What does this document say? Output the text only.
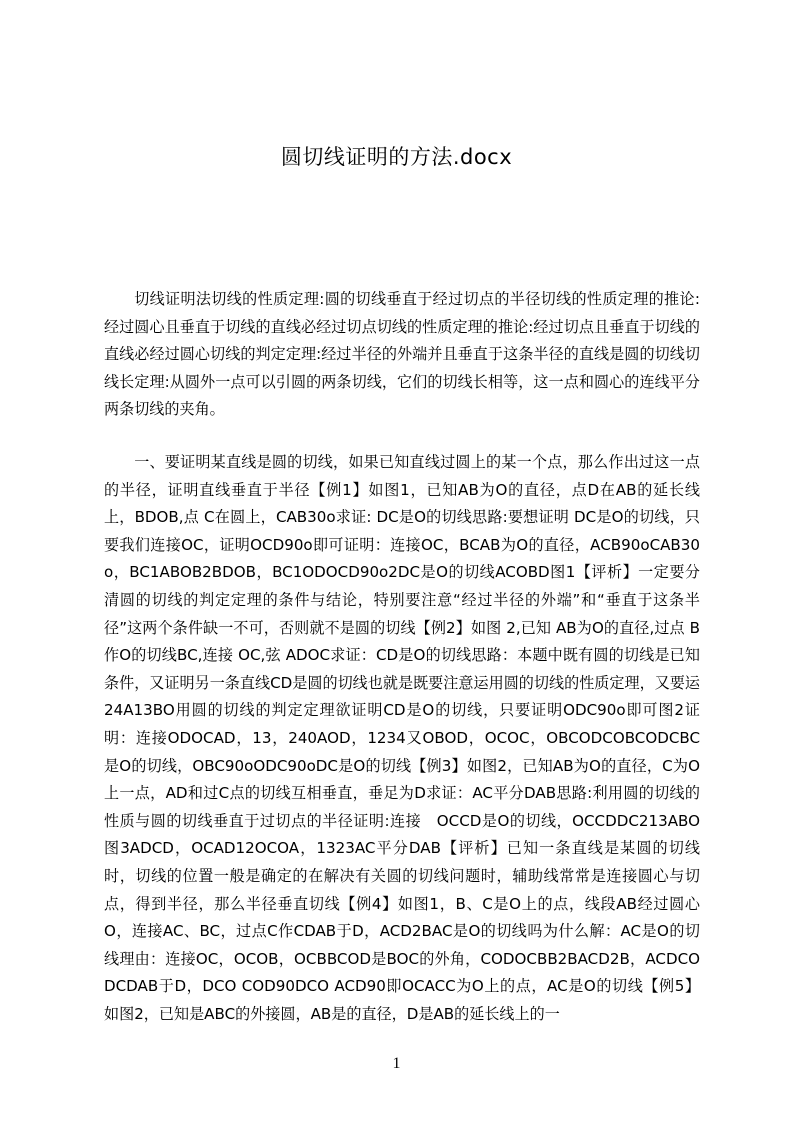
圆切线证明的方法.docx

切线证明法切线的性质定理:圆的切线垂直于经过切点的半径切线的性质定理的推论:经过圆心且垂直于切线的直线必经过切点切线的性质定理的推论:经过切点且垂直于切线的直线必经过圆心切线的判定定理:经过半径的外端并且垂直于这条半径的直线是圆的切线切线长定理:从圆外一点可以引圆的两条切线，它们的切线长相等，这一点和圆心的连线平分两条切线的夹角。

一、要证明某直线是圆的切线，如果已知直线过圆上的某一个点，那么作出过这一点的半径，证明直线垂直于半径【例1】如图1，已知AB为O的直径，点D在AB的延长线上，BDOB,点 C在圆上，CAB30o求证: DC是O的切线思路:要想证明 DC是O的切线，只要我们连接OC，证明OCD90o即可证明：连接OC，BCAB为O的直径，ACB90oCAB30o，BC1ABOB2BDOB，BC1ODOCD90o2DC是O的切线ACOBD图1【评析】一定要分清圆的切线的判定定理的条件与结论，特别要注意“经过半径的外端”和“垂直于这条半径”这两个条件缺一不可，否则就不是圆的切线【例2】如图 2,已知 AB为O的直径,过点 B作O的切线BC,连接 OC,弦 ADOC求证：CD是O的切线思路：本题中既有圆的切线是已知条件，又证明另一条直线CD是圆的切线也就是既要注意运用圆的切线的性质定理，又要运24A13BO用圆的切线的判定定理欲证明CD是O的切线，只要证明ODC90o即可图2证明：连接ODOCAD，13，240AOD，1234又OBOD，OCOC，OBCODCOBCODCBC是O的切线，OBC90oODC90oDC是O的切线【例3】如图2，已知AB为O的直径，C为O上一点，AD和过C点的切线互相垂直，垂足为D求证：AC平分DAB思路:利用圆的切线的性质与圆的切线垂直于过切点的半径证明:连接　OCCD是O的切线，OCCDDC213ABO图3ADCD，OCAD12OCOA，1323AC平分DAB【评析】已知一条直线是某圆的切线时，切线的位置一般是确定的在解决有关圆的切线问题时，辅助线常常是连接圆心与切点，得到半径，那么半径垂直切线【例4】如图1，B、C是O上的点，线段AB经过圆心O，连接AC、BC，过点C作CDAB于D，ACD2BAC是O的切线吗为什么解：AC是O的切线理由：连接OC，OCOB，OCBBCOD是BOC的外角，CODOCBB2BACD2B，ACDCODCDAB于D，DCO COD90DCO ACD90即OCACC为O上的点，AC是O的切线【例5】如图2，已知是ABC的外接圆，AB是的直径，D是AB的延长线上的一

1
